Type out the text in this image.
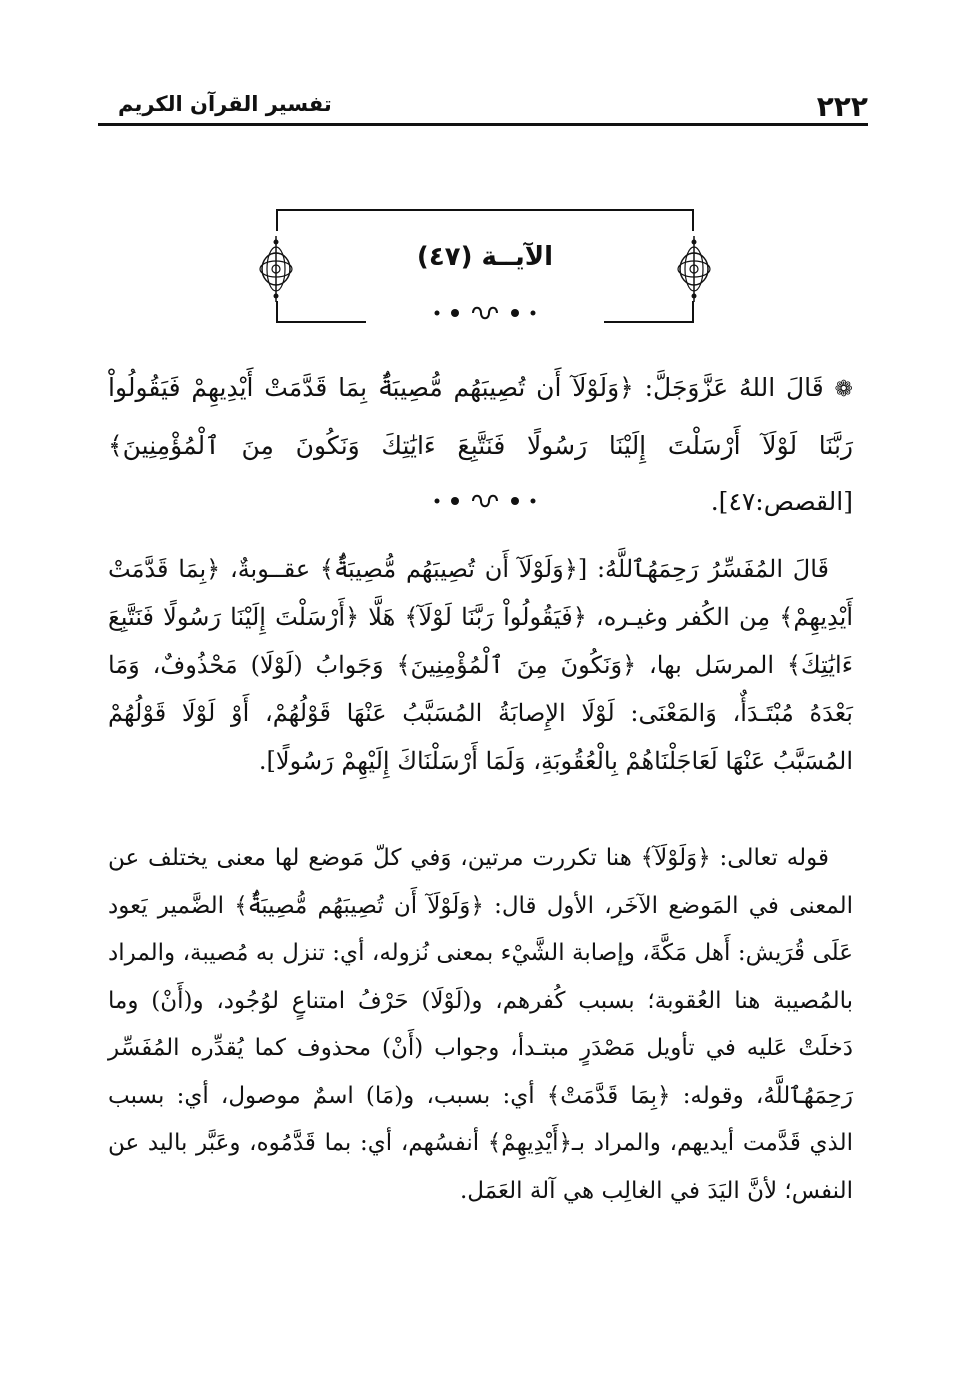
٢٢٢
تفسير القرآن الكريم
الآيــة (٤٧)
❁ قَالَ اللهُ عَزَّوَجَلَّ: ﴿وَلَوْلَآ أَن تُصِيبَهُم مُّصِيبَةٌۢ بِمَا قَدَّمَتْ أَيْدِيهِمْ فَيَقُولُواْ رَبَّنَا لَوْلَآ أَرْسَلْتَ إِلَيْنَا رَسُولًا فَنَتَّبِعَ ءَايَٰتِكَ وَنَكُونَ مِنَ ٱلْمُؤْمِنِينَ﴾ [القصص:٤٧].
قَالَ المُفَسِّرُ رَحِمَهُٱللَّهُ: [﴿وَلَوْلَآ أَن تُصِيبَهُم مُّصِيبَةٌۢ﴾ عقــوبةٌ، ﴿بِمَا قَدَّمَتْ أَيْدِيهِمْ﴾ مِن الكُفر وغيـره، ﴿فَيَقُولُواْ رَبَّنَا لَوْلَآ﴾ هَلَّا ﴿أَرْسَلْتَ إِلَيْنَا رَسُولًا فَنَتَّبِعَ ءَايَٰتِكَ﴾ المرسَل بها، ﴿وَنَكُونَ مِنَ ٱلْمُؤْمِنِينَ﴾ وَجَوابُ (لَوْلَا) مَحْذُوفٌ، وَمَا بَعْدَهُ مُبْتَـدَأٌ، وَالمَعْنَى: لَوْلَا الإِصابَةُ المُسَبَّبُ عَنْهَا قَوْلُهُمْ، أَوْ لَوْلَا قَوْلُهُمْ المُسَبَّبُ عَنْهَا لَعَاجَلْنَاهُمْ بِالْعُقُوبَةِ، وَلَمَا أَرْسَلْنَاكَ إِلَيْهِمْ رَسُولًا].
قوله تعالى: ﴿وَلَوْلَآ﴾ هنا تكررت مرتين، وَفي كلّ مَوضع لها معنى يختلف عن المعنى في المَوضع الآخَر، الأول قال: ﴿وَلَوْلَآ أَن تُصِيبَهُم مُّصِيبَةٌۢ﴾ الضَّمير يَعود عَلَى قُرَيش: أَهل مَكَّةَ، وإصابة الشَّيْء بمعنى نُزوله، أي: تنزل به مُصيبة، والمراد بالمُصيبة هنا العُقوبة؛ بسبب كُفرهم، و(لَوْلَا) حَرْفُ امتناعٍ لوُجُود، و(أَنْ) وما دَخلَتْ عَليه في تأويل مَصْدَرٍ مبتـدأ، وجواب (أَنْ) محذوف كما يُقدِّره المُفَسِّر رَحِمَهُٱللَّهُ، وقوله: ﴿بِمَا قَدَّمَتْ﴾ أي: بسبب، و(مَا) اسمٌ موصول، أي: بسبب الذي قَدَّمت أيديهم، والمراد بـ﴿أَيْدِيهِمْ﴾ أنفسُهم، أي: بما قَدَّمُوه، وعَبَّر باليد عن النفس؛ لأنَّ اليَدَ في الغالِب هي آلة العَمَل.
